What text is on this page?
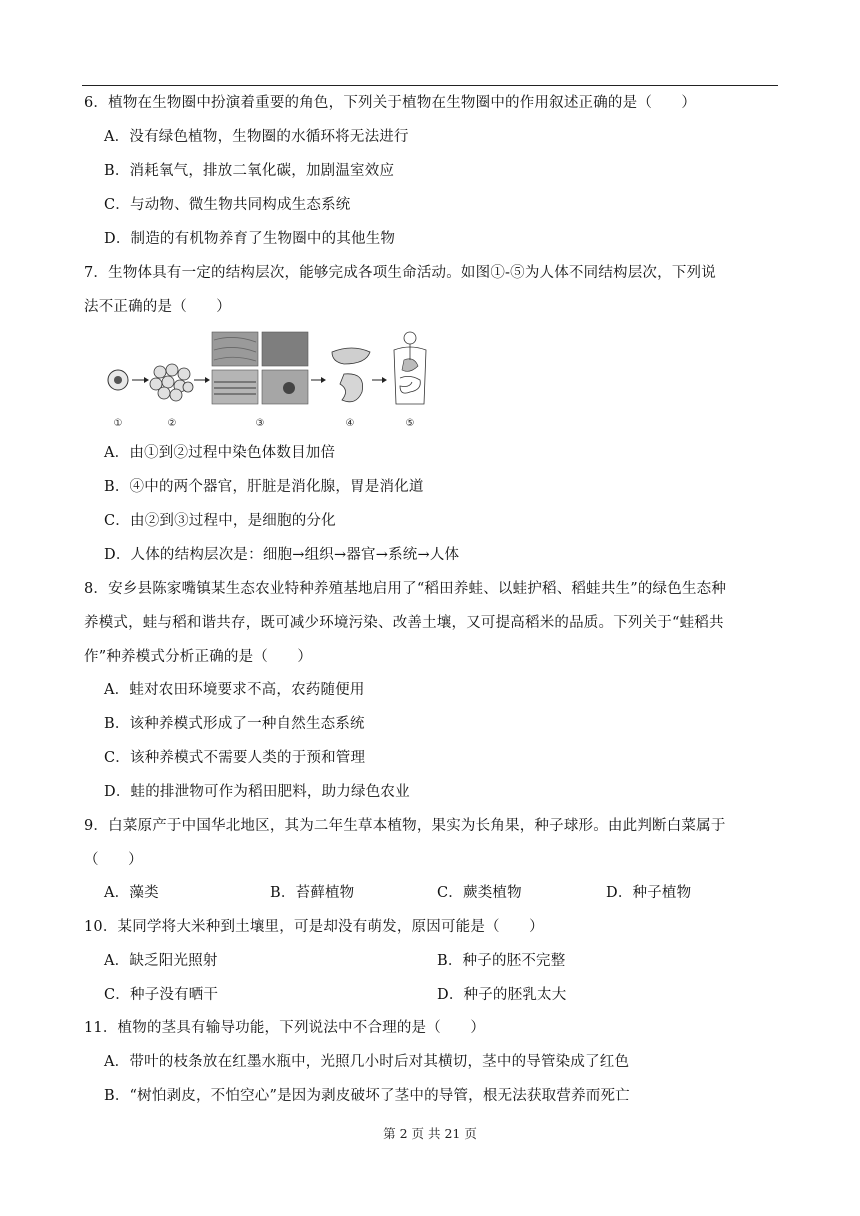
6．植物在生物圈中扮演着重要的角色，下列关于植物在生物圈中的作用叙述正确的是（　　）
A．没有绿色植物，生物圈的水循环将无法进行
B．消耗氧气，排放二氧化碳，加剧温室效应
C．与动物、微生物共同构成生态系统
D．制造的有机物养育了生物圈中的其他生物
7．生物体具有一定的结构层次，能够完成各项生命活动。如图①-⑤为人体不同结构层次，下列说
法不正确的是（　　）
①	②	③	④	⑤
A．由①到②过程中染色体数目加倍
B．④中的两个器官，肝脏是消化腺，胃是消化道
C．由②到③过程中，是细胞的分化
D．人体的结构层次是：细胞→组织→器官→系统→人体
8．安乡县陈家嘴镇某生态农业特种养殖基地启用了“稻田养蛙、以蛙护稻、稻蛙共生”的绿色生态种
养模式，蛙与稻和谐共存，既可减少环境污染、改善土壤，又可提高稻米的品质。下列关于“蛙稻共
作”种养模式分析正确的是（　　）
A．蛙对农田环境要求不高，农药随便用
B．该种养模式形成了一种自然生态系统
C．该种养模式不需要人类的于预和管理
D．蛙的排泄物可作为稻田肥料，助力绿色农业
9．白菜原产于中国华北地区，其为二年生草本植物，果实为长角果，种子球形。由此判断白菜属于
（　　）
A．藻类	B．苔藓植物	C．蕨类植物	D．种子植物
10．某同学将大米种到土壤里，可是却没有萌发，原因可能是（　　）
A．缺乏阳光照射	B．种子的胚不完整
C．种子没有晒干	D．种子的胚乳太大
11．植物的茎具有输导功能，下列说法中不合理的是（　　）
A．带叶的枝条放在红墨水瓶中，光照几小时后对其横切，茎中的导管染成了红色
B．“树怕剥皮，不怕空心”是因为剥皮破坏了茎中的导管，根无法获取营养而死亡
第 2 页 共 21 页
